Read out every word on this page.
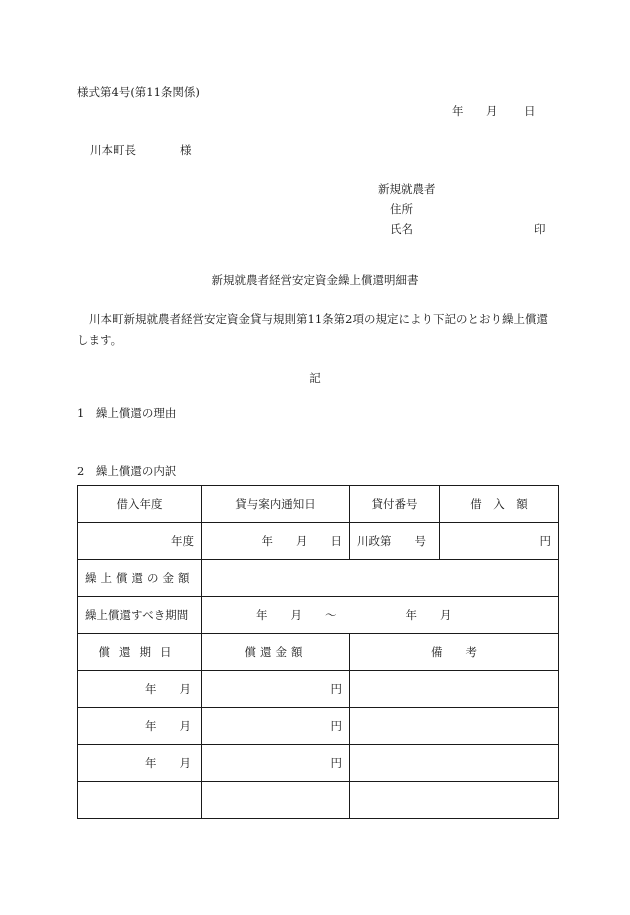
様式第4号(第11条関係)
年 月 日
川本町長	様
新規就農者
住所
氏名	印
新規就農者経営安定資金繰上償還明細書
川本町新規就農者経営安定資金貸与規則第11条第2項の規定により下記のとおり繰上償還します。
記
1　繰上償還の理由
2　繰上償還の内訳
借入年度	貸与案内通知日	貸付番号	借　入　額
年度	年　　月　　日	川政第　　号	円
繰上償還の金額			
繰上償還すべき期間	年　　月　　～　　　　　　年　　月		
償還期日	償還金額	備　　考	
年　　月	円		
年　　月	円		
年　　月	円		
